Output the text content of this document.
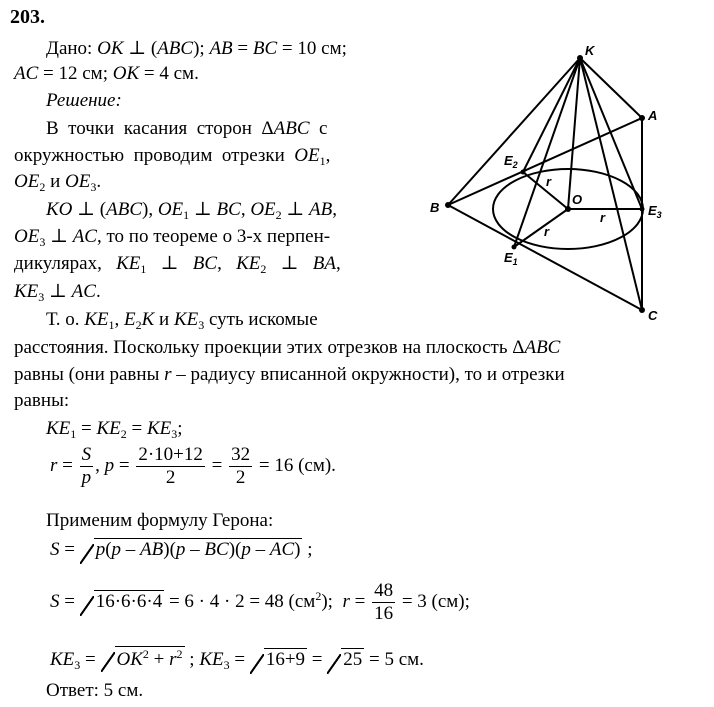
203.
Дано: OK ⊥ (ABC); AB = BC = 10 см;
AC = 12 см; OK = 4 см.
Решение:
В  точки  касания  сторон  ΔABC  с
окружностью  проводим  отрезки  $OE_1$,
$OE_2$ и $OE_3$.
KO ⊥ (ABC), $OE_1$ ⊥ BC, $OE_2$ ⊥ AB,
$OE_3$ ⊥ AC, то по теореме о 3-х перпен-
дикулярах,   $KE_1$   ⊥   BC,   $KE_2$   ⊥   BA,
$KE_3$ ⊥ AC.
Т. о. $KE_1$, $E_2K$ и $KE_3$ суть искомые
расстояния. Поскольку проекции этих отрезков на плоскость ΔABC
равны (они равны r – радиусу вписанной окружности), то и отрезки
равны:
$KE_1 = KE_2 = KE_3$;
$r = \frac{S}{p}$ , $p = \frac{2\cdot 10+12}{2} = \frac{32}{2} = 16$ (см).
Применим формулу Герона:
S = p(p – AB)(p – BC)(p – AC) ;
S = 16·6·6·4 = 6 · 4 · 2 = 48 $(см^2)$;  $r = \frac{48}{16} = 3$ (см);
$KE_3 = OK^2 + r^2$ ; $KE_3 = 16+9 = 25 = 5$ см.
Ответ: 5 см.
K
A
B
C
O
$E_2$
$E_1$
$E_3$
r
r
r
